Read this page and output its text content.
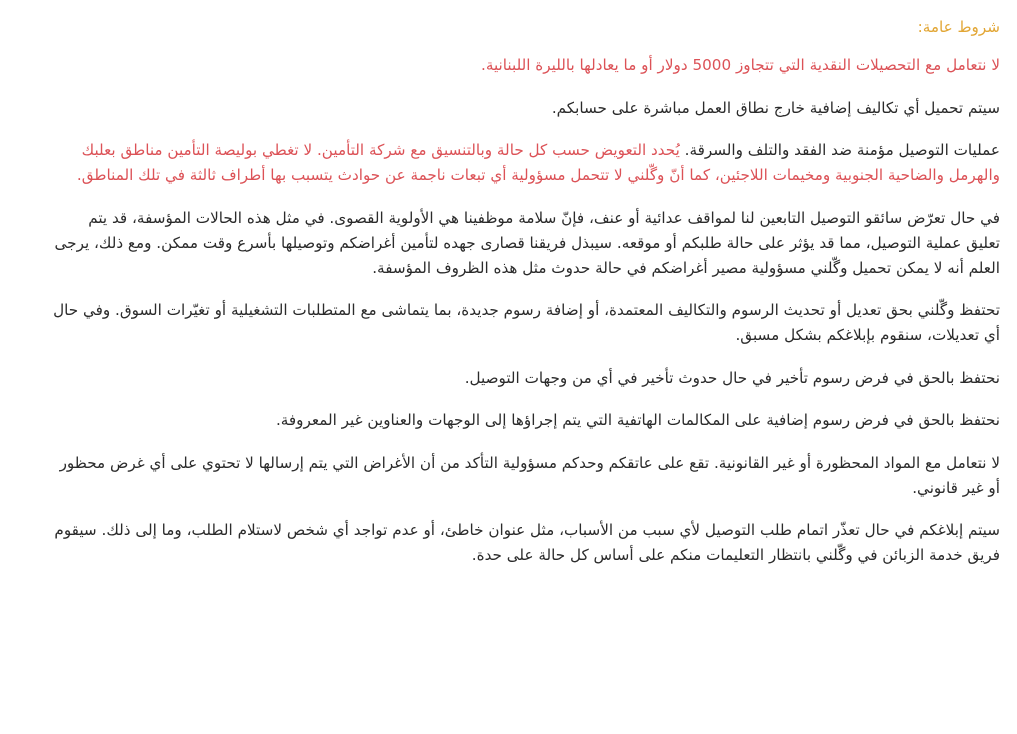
شروط عامة:

لا نتعامل مع التحصيلات النقدية التي تتجاوز 5000 دولار أو ما يعادلها بالليرة اللبنانية.

سيتم تحميل أي تكاليف إضافية خارج نطاق العمل مباشرة على حسابكم.

عمليات التوصيل مؤمنة ضد الفقد والتلف والسرقة. يُحدد التعويض حسب كل حالة وبالتنسيق مع شركة التأمين. لا تغطي بوليصة التأمين مناطق بعلبك والهرمل والضاحية الجنوبية ومخيمات اللاجئين، كما أنّ وگّلني لا تتحمل مسؤولية أي تبعات ناجمة عن حوادث يتسبب بها أطراف ثالثة في تلك المناطق.

في حال تعرّض سائقو التوصيل التابعين لنا لمواقف عدائية أو عنف، فإنّ سلامة موظفينا هي الأولوية القصوى. في مثل هذه الحالات المؤسفة، قد يتم تعليق عملية التوصيل، مما قد يؤثر على حالة طلبكم أو موقعه. سيبذل فريقنا قصارى جهده لتأمين أغراضكم وتوصيلها بأسرع وقت ممكن. ومع ذلك، يرجى العلم أنه لا يمكن تحميل وگّلني مسؤولية مصير أغراضكم في حالة حدوث مثل هذه الظروف المؤسفة.

تحتفظ وگّلني بحق تعديل أو تحديث الرسوم والتكاليف المعتمدة، أو إضافة رسوم جديدة، بما يتماشى مع المتطلبات التشغيلية أو تغيّرات السوق. وفي حال أي تعديلات، سنقوم بإبلاغكم بشكل مسبق.

نحتفظ بالحق في فرض رسوم تأخير في حال حدوث تأخير في أي من وجهات التوصيل.

نحتفظ بالحق في فرض رسوم إضافية على المكالمات الهاتفية التي يتم إجراؤها إلى الوجهات والعناوين غير المعروفة.

لا نتعامل مع المواد المحظورة أو غير القانونية. تقع على عاتقكم وحدكم مسؤولية التأكد من أن الأغراض التي يتم إرسالها لا تحتوي على أي غرض محظور أو غير قانوني.

سيتم إبلاغكم في حال تعذّر اتمام طلب التوصيل لأي سبب من الأسباب، مثل عنوان خاطئ، أو عدم تواجد أي شخص لاستلام الطلب، وما إلى ذلك. سيقوم فريق خدمة الزبائن في وگّلني بانتظار التعليمات منكم على أساس كل حالة على حدة.
